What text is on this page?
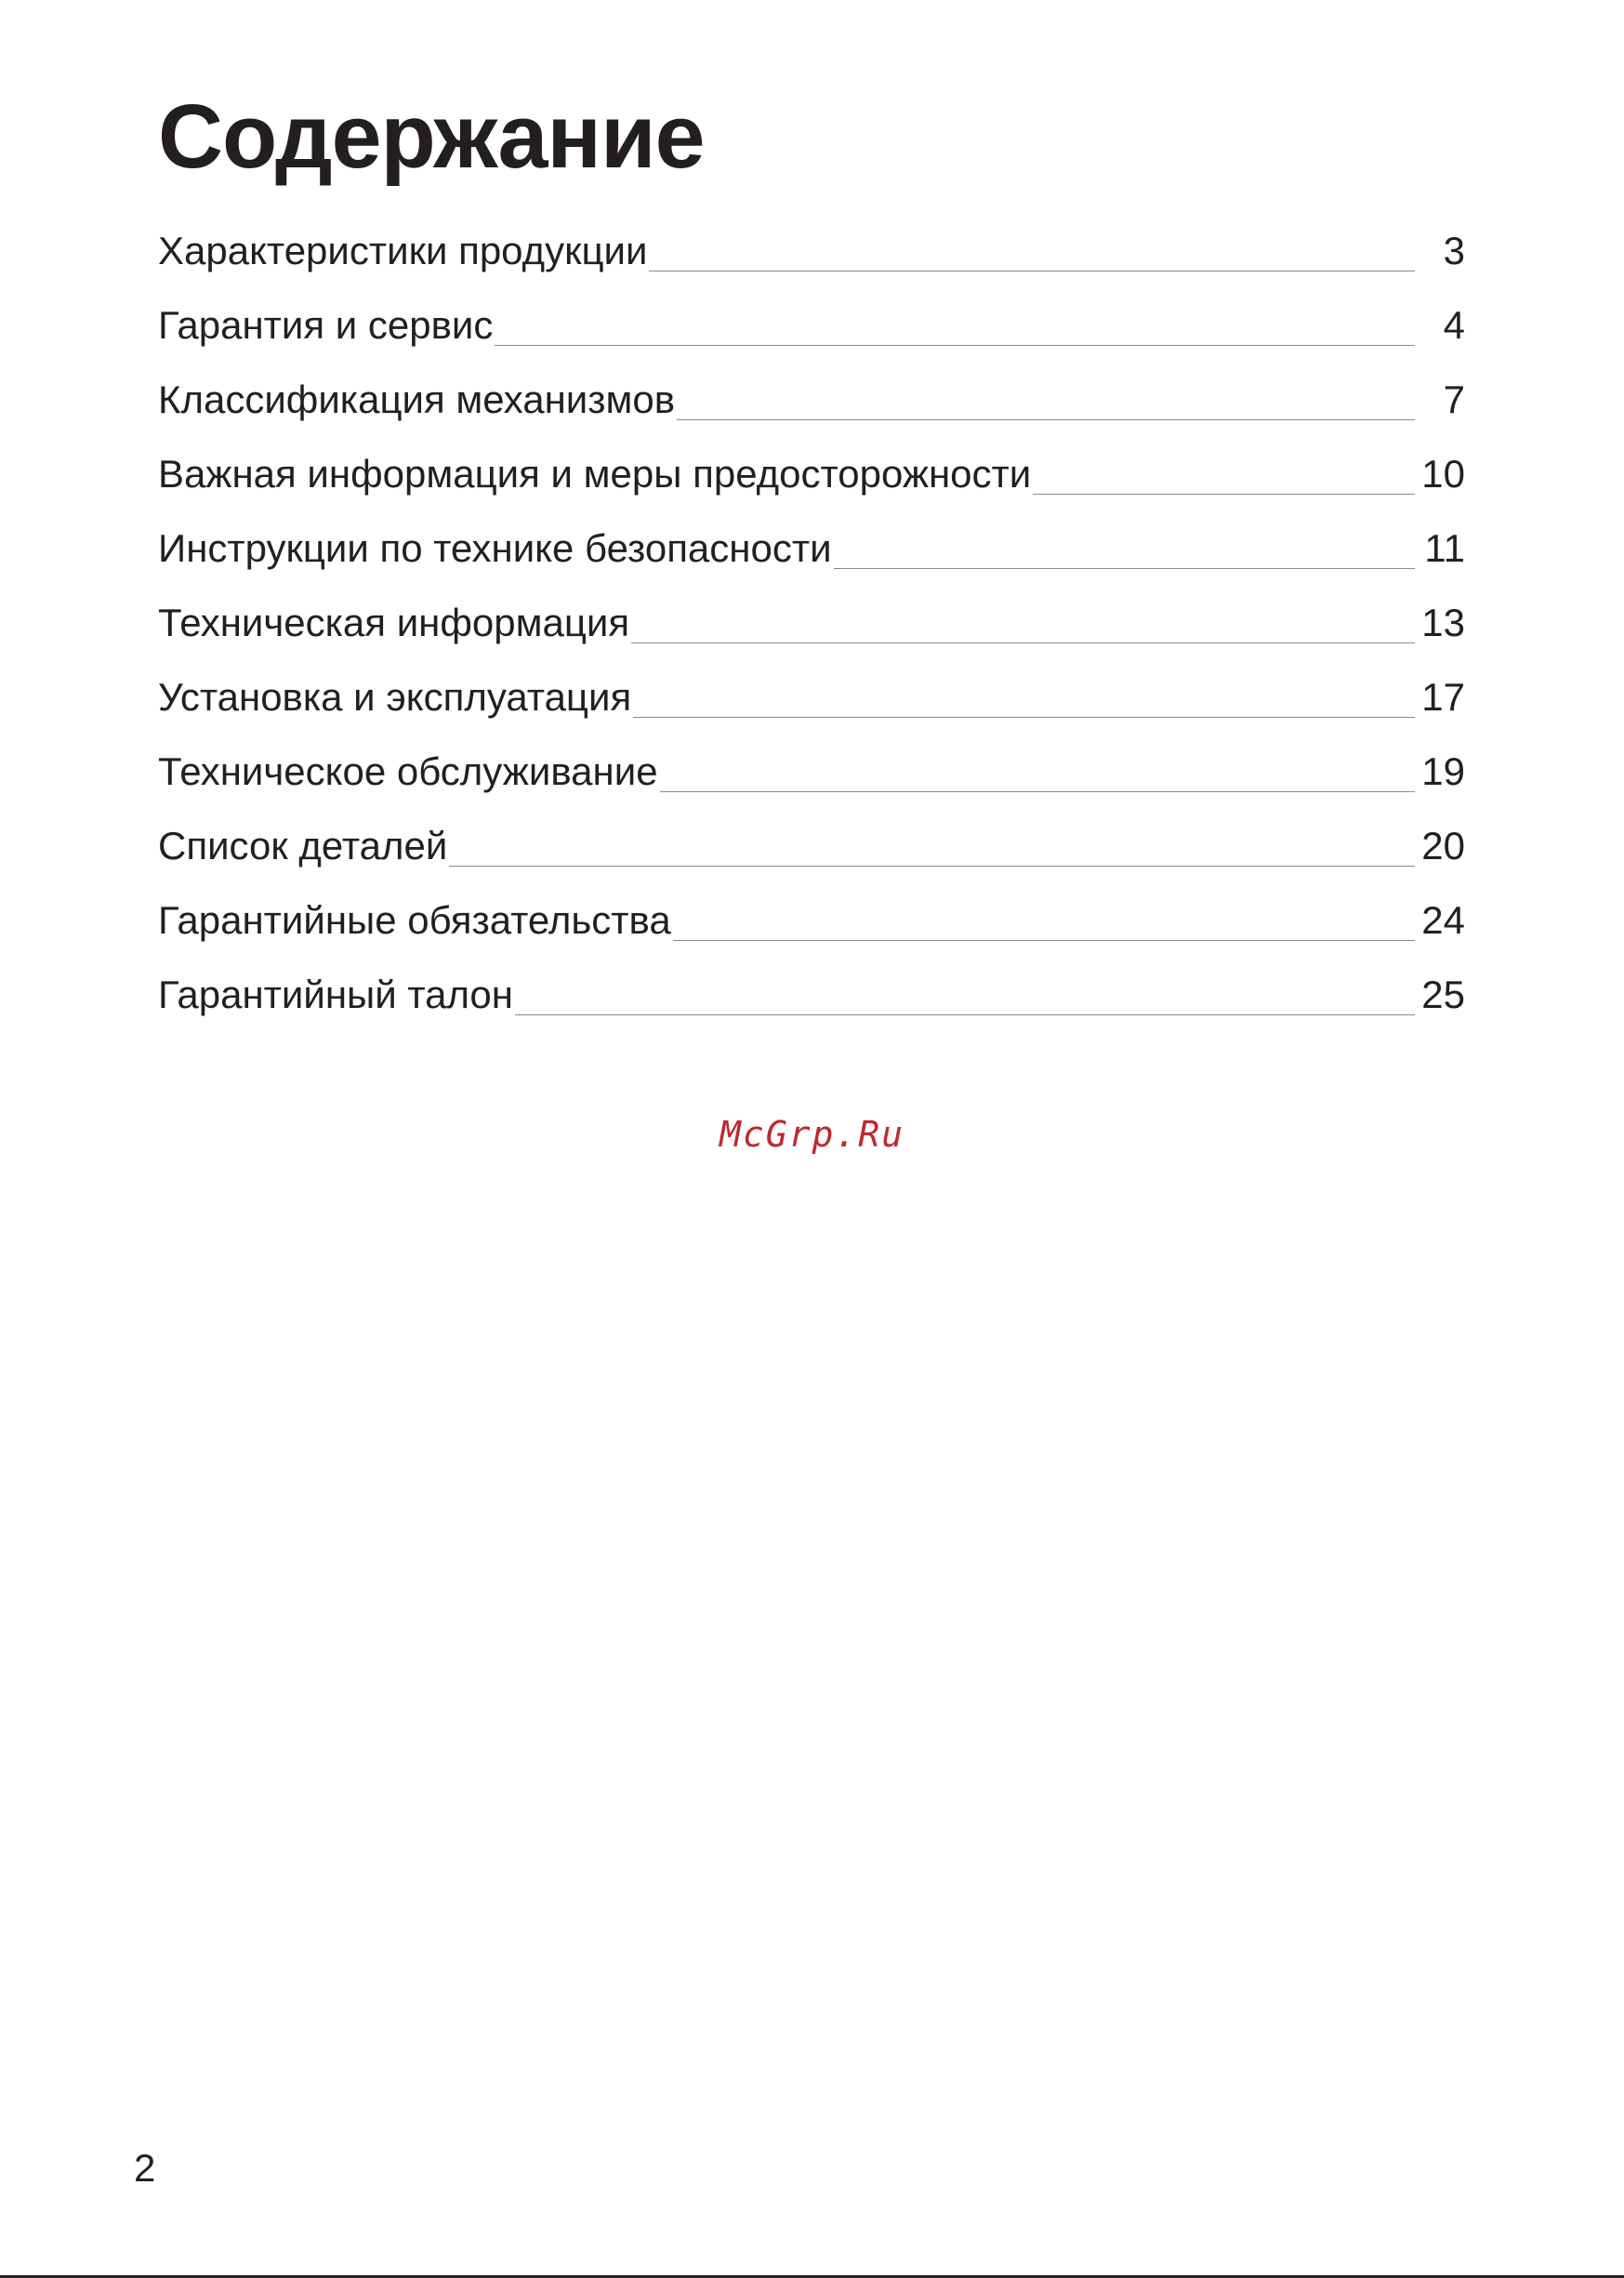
Содержание
Характеристики продукции	3
Гарантия и сервис	4
Классификация механизмов	7
Важная информация и меры предосторожности	10
Инструкции по технике безопасности	11
Техническая информация	13
Установка и эксплуатация	17
Техническое обслуживание	19
Список деталей	20
Гарантийные обязательства	24
Гарантийный талон	25
McGrp.Ru
2
